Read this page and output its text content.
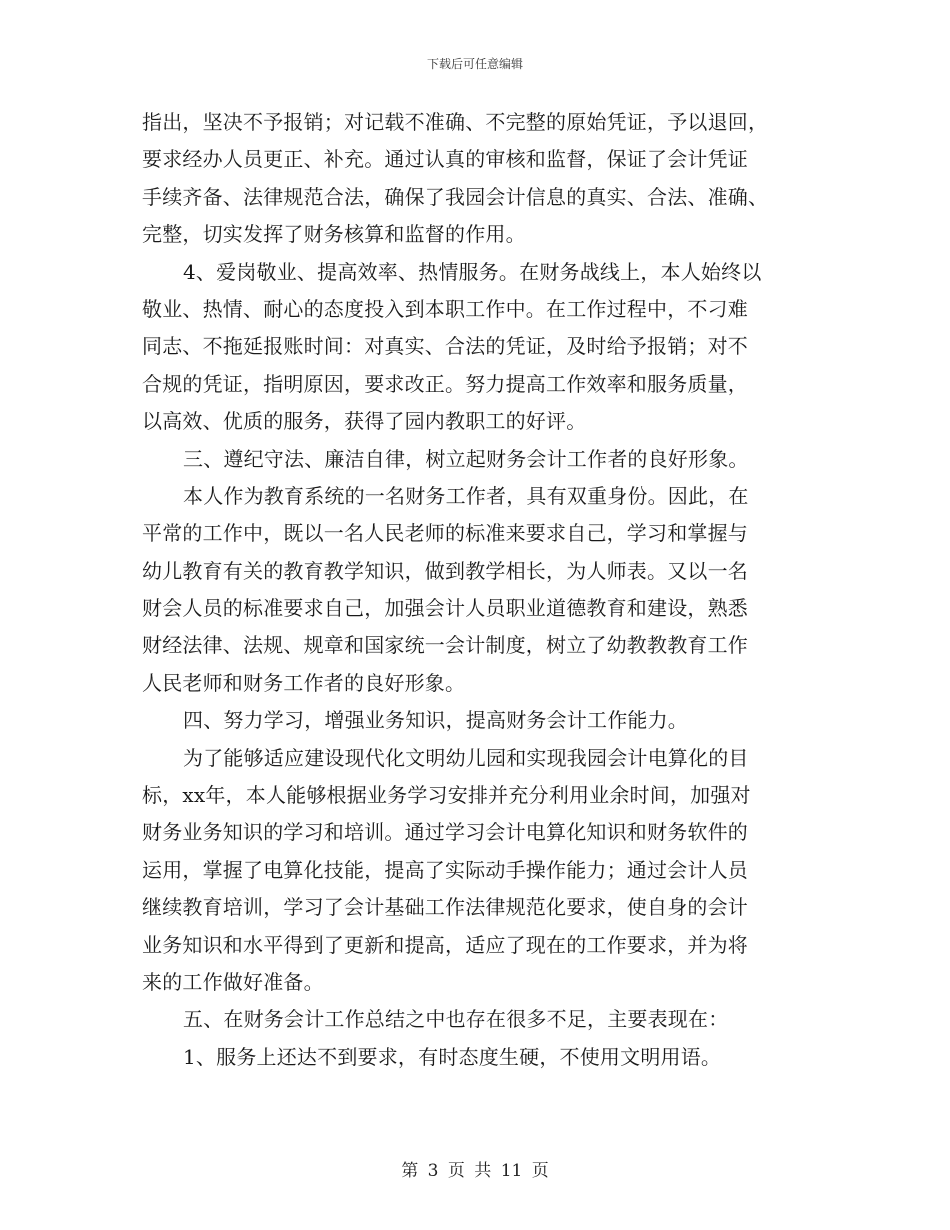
下载后可任意编辑
指出，坚决不予报销；对记载不准确、不完整的原始凭证，予以退回，
要求经办人员更正、补充。通过认真的审核和监督，保证了会计凭证
手续齐备、法律规范合法，确保了我园会计信息的真实、合法、准确、
完整，切实发挥了财务核算和监督的作用。
4、爱岗敬业、提高效率、热情服务。在财务战线上，本人始终以
敬业、热情、耐心的态度投入到本职工作中。在工作过程中，不刁难
同志、不拖延报账时间：对真实、合法的凭证，及时给予报销；对不
合规的凭证，指明原因，要求改正。努力提高工作效率和服务质量，
以高效、优质的服务，获得了园内教职工的好评。
三、遵纪守法、廉洁自律，树立起财务会计工作者的良好形象。
本人作为教育系统的一名财务工作者，具有双重身份。因此，在
平常的工作中，既以一名人民老师的标准来要求自己，学习和掌握与
幼儿教育有关的教育教学知识，做到教学相长，为人师表。又以一名
财会人员的标准要求自己，加强会计人员职业道德教育和建设，熟悉
财经法律、法规、规章和国家统一会计制度，树立了幼教教教育工作
人民老师和财务工作者的良好形象。
四、努力学习，增强业务知识，提高财务会计工作能力。
为了能够适应建设现代化文明幼儿园和实现我园会计电算化的目
标，xx年，本人能够根据业务学习安排并充分利用业余时间，加强对
财务业务知识的学习和培训。通过学习会计电算化知识和财务软件的
运用，掌握了电算化技能，提高了实际动手操作能力；通过会计人员
继续教育培训，学习了会计基础工作法律规范化要求，使自身的会计
业务知识和水平得到了更新和提高，适应了现在的工作要求，并为将
来的工作做好准备。
五、在财务会计工作总结之中也存在很多不足，主要表现在：
1、服务上还达不到要求，有时态度生硬，不使用文明用语。
第 3 页 共 11 页
